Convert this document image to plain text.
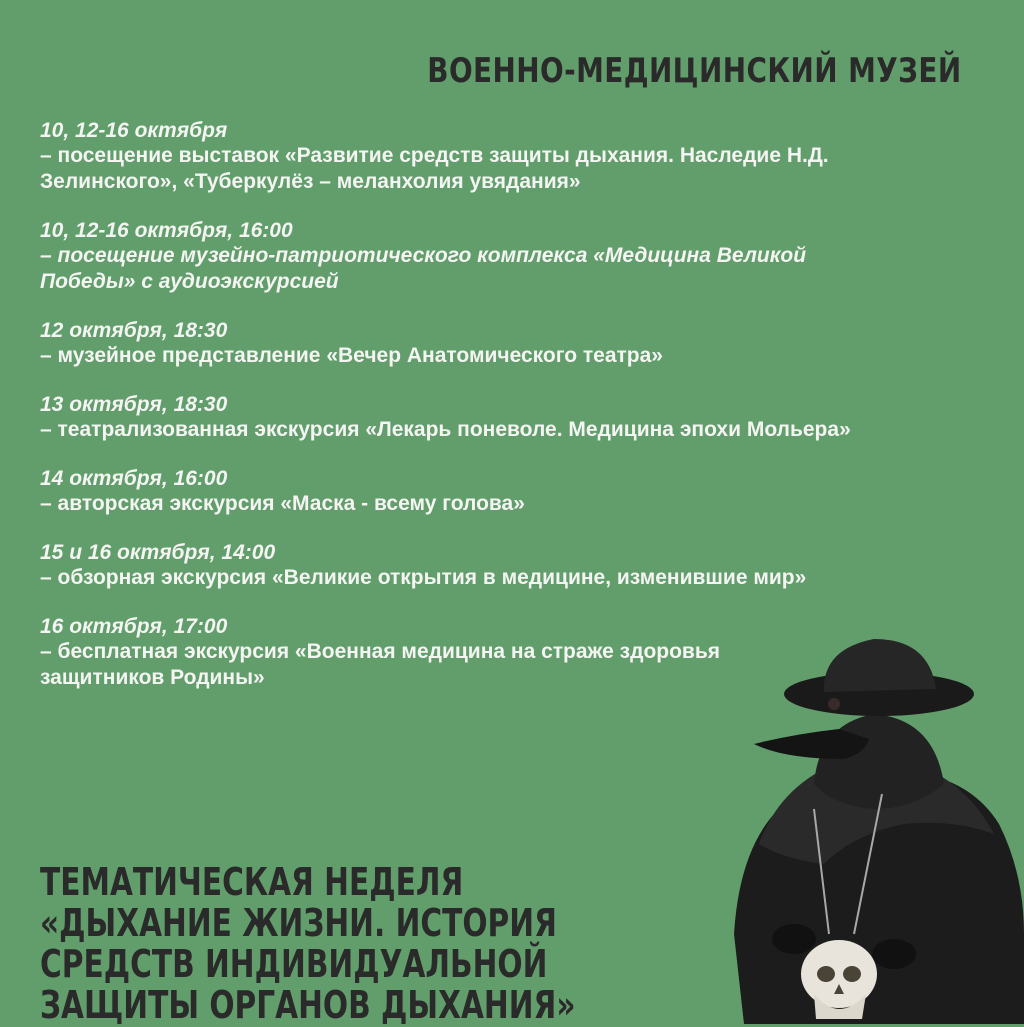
ВОЕННО-МЕДИЦИНСКИЙ МУЗЕЙ
10, 12-16 октября
– посещение выставок «Развитие средств защиты дыхания. Наследие Н.Д. Зелинского», «Туберкулёз – меланхолия увядания»
10, 12-16 октября, 16:00
– посещение музейно-патриотического комплекса «Медицина Великой Победы» с аудиоэкскурсией
12 октября, 18:30
– музейное представление «Вечер Анатомического театра»
13 октября, 18:30
– театрализованная экскурсия «Лекарь поневоле. Медицина эпохи Мольера»
14 октября, 16:00
– авторская экскурсия «Маска - всему голова»
15 и 16 октября, 14:00
– обзорная экскурсия «Великие открытия в медицине, изменившие мир»
16 октября, 17:00
– бесплатная экскурсия «Военная медицина на страже здоровья защитников Родины»
ТЕМАТИЧЕСКАЯ НЕДЕЛЯ «ДЫХАНИЕ ЖИЗНИ. ИСТОРИЯ СРЕДСТВ ИНДИВИДУАЛЬНОЙ ЗАЩИТЫ ОРГАНОВ ДЫХАНИЯ»
